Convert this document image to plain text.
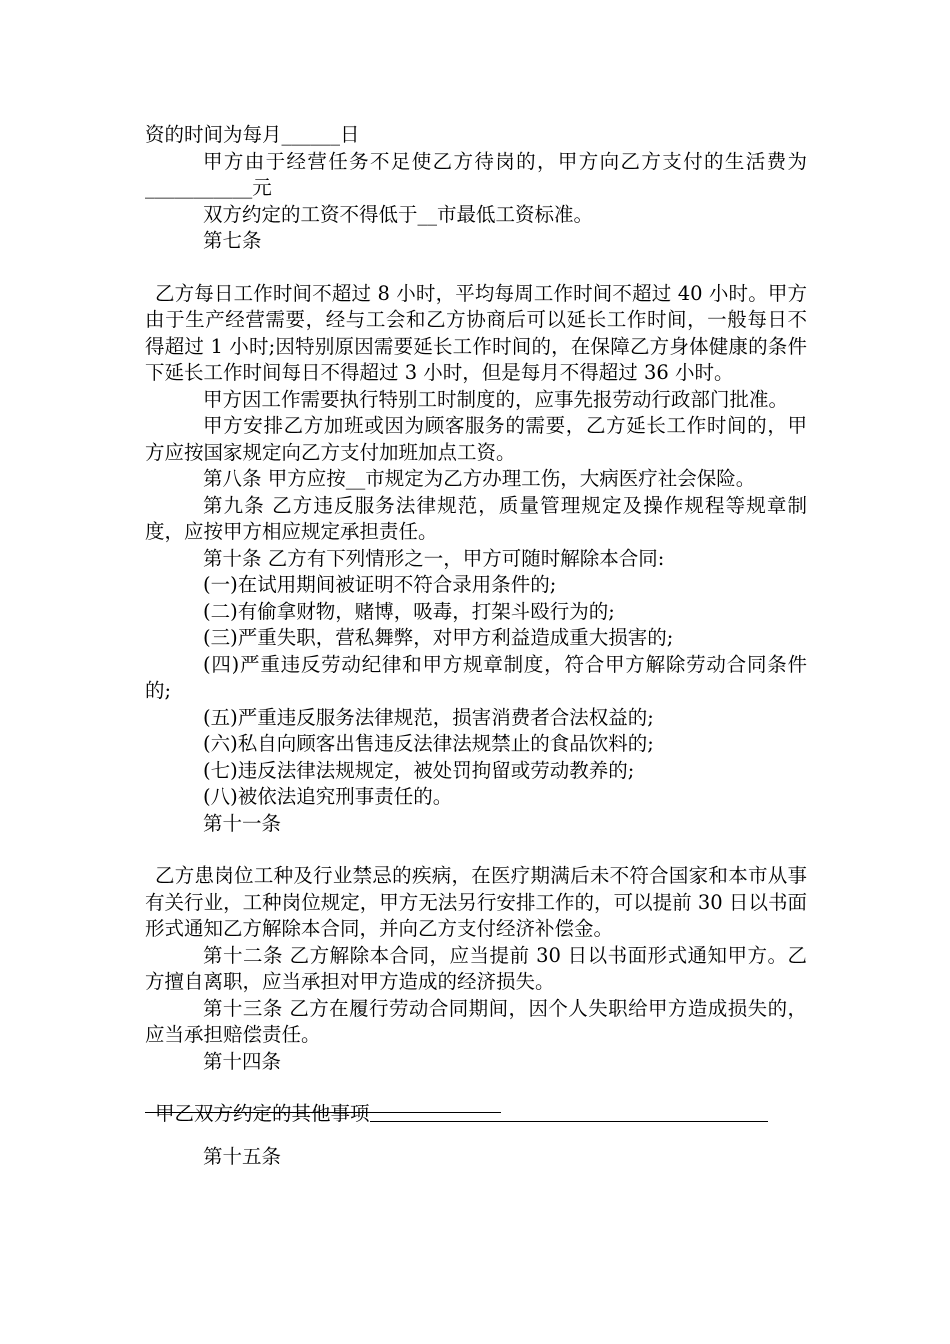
资的时间为每月______日

甲方由于经营任务不足使乙方待岗的，甲方向乙方支付的生活费为___________元

双方约定的工资不得低于__市最低工资标准。

第七条

乙方每日工作时间不超过 8 小时，平均每周工作时间不超过 40 小时。甲方由于生产经营需要，经与工会和乙方协商后可以延长工作时间，一般每日不得超过 1 小时;因特别原因需要延长工作时间的，在保障乙方身体健康的条件下延长工作时间每日不得超过 3 小时，但是每月不得超过 36 小时。

甲方因工作需要执行特别工时制度的，应事先报劳动行政部门批准。

甲方安排乙方加班或因为顾客服务的需要，乙方延长工作时间的，甲方应按国家规定向乙方支付加班加点工资。

第八条 甲方应按__市规定为乙方办理工伤，大病医疗社会保险。

第九条 乙方违反服务法律规范，质量管理规定及操作规程等规章制度，应按甲方相应规定承担责任。

第十条 乙方有下列情形之一，甲方可随时解除本合同:

(一)在试用期间被证明不符合录用条件的;

(二)有偷拿财物，赌博，吸毒，打架斗殴行为的;

(三)严重失职，营私舞弊，对甲方利益造成重大损害的;

(四)严重违反劳动纪律和甲方规章制度，符合甲方解除劳动合同条件的;

(五)严重违反服务法律规范，损害消费者合法权益的;

(六)私自向顾客出售违反法律法规禁止的食品饮料的;

(七)违反法律法规规定，被处罚拘留或劳动教养的;

(八)被依法追究刑事责任的。

第十一条

乙方患岗位工种及行业禁忌的疾病，在医疗期满后未不符合国家和本市从事有关行业，工种岗位规定，甲方无法另行安排工作的，可以提前 30 日以书面形式通知乙方解除本合同，并向乙方支付经济补偿金。

第十二条 乙方解除本合同，应当提前 30 日以书面形式通知甲方。乙方擅自离职，应当承担对甲方造成的经济损失。

第十三条 乙方在履行劳动合同期间，因个人失职给甲方造成损失的，应当承担赔偿责任。

第十四条

甲乙双方约定的其他事项

第十五条
